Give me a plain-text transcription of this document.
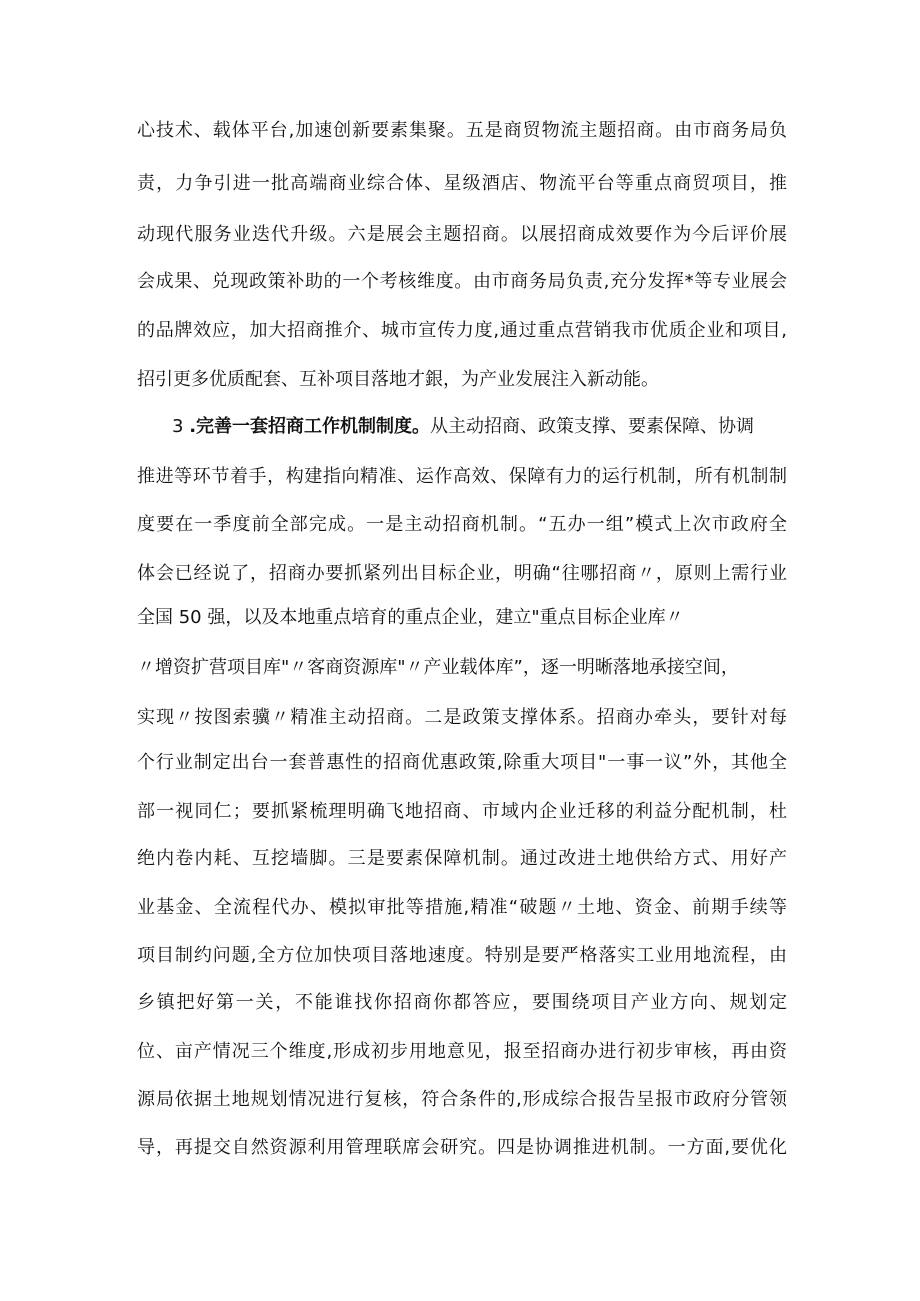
心技术、载体平台,加速创新要素集聚。五是商贸物流主题招商。由市商务局负
责，力争引进一批高端商业综合体、星级酒店、物流平台等重点商贸项目，推
动现代服务业迭代升级。六是展会主题招商。以展招商成效要作为今后评价展
会成果、兑现政策补助的一个考核维度。由市商务局负责,充分发挥*等专业展会
的品牌效应，加大招商推介、城市宣传力度,通过重点营销我市优质企业和项目,
招引更多优质配套、互补项目落地才銀，为产业发展注入新动能。
3 .完善一套招商工作机制制度。从主动招商、政策支撑、要素保障、协调
推进等环节着手，构建指向精准、运作高效、保障有力的运行机制，所有机制制
度要在一季度前全部完成。一是主动招商机制。“五办一组”模式上次市政府全
体会已经说了，招商办要抓紧列出目标企业，明确“往哪招商〃，原则上需行业
全国 50 强，以及本地重点培育的重点企业，建立"重点目标企业库〃
〃增资扩营项目库"〃客商资源库"〃产业载体库”，逐一明晰落地承接空间，
实现〃按图索骥〃精准主动招商。二是政策支撑体系。招商办牵头，要针对每
个行业制定出台一套普惠性的招商优惠政策,除重大项目"一事一议”外，其他全
部一视同仁；要抓紧梳理明确飞地招商、市域内企业迁移的利益分配机制，杜
绝内卷内耗、互挖墙脚。三是要素保障机制。通过改进土地供给方式、用好产
业基金、全流程代办、模拟审批等措施,精准“破题〃土地、资金、前期手续等
项目制约问题,全方位加快项目落地速度。特别是要严格落实工业用地流程，由
乡镇把好第一关，不能谁找你招商你都答应，要围绕项目产业方向、规划定
位、亩产情况三个维度,形成初步用地意见，报至招商办进行初步审核，再由资
源局依据土地规划情况进行复核，符合条件的,形成综合报告呈报市政府分管领
导，再提交自然资源利用管理联席会研究。四是协调推进机制。一方面,要优化
